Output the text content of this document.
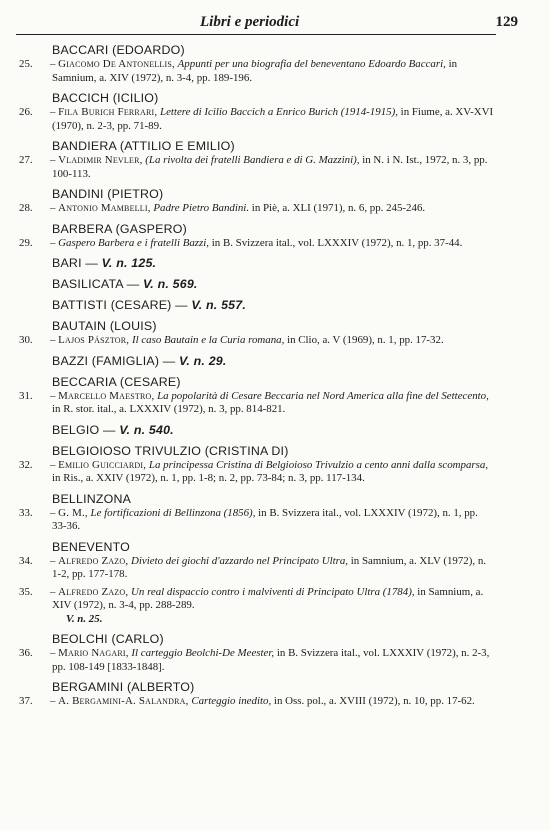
Libri e periodici	129
BACCARI (EDOARDO)
25. – Giacomo De Antonellis, Appunti per una biografia del beneventano Edoardo Baccari, in Samnium, a. XIV (1972), n. 3-4, pp. 189-196.
BACCICH (ICILIO)
26. – Fila Burich Ferrari, Lettere di Icilio Baccich a Enrico Burich (1914-1915), in Fiume, a. XV-XVI (1970), n. 2-3, pp. 71-89.
BANDIERA (ATTILIO E EMILIO)
27. – Vladimir Nevler, (La rivolta dei fratelli Bandiera e di G. Mazzini), in N. i N. Ist., 1972, n. 3, pp. 100-113.
BANDINI (PIETRO)
28. – Antonio Mambelli, Padre Pietro Bandini. in Piè, a. XLI (1971), n. 6, pp. 245-246.
BARBERA (GASPERO)
29. – Gaspero Barbera e i fratelli Bazzi, in B. Svizzera ital., vol. LXXXIV (1972), n. 1, pp. 37-44.
BARI — V. n. 125.
BASILICATA — V. n. 569.
BATTISTI (CESARE) — V. n. 557.
BAUTAIN (LOUIS)
30. – Lajos Pásztor, Il caso Bautain e la Curia romana, in Clio, a. V (1969), n. 1, pp. 17-32.
BAZZI (FAMIGLIA) — V. n. 29.
BECCARIA (CESARE)
31. – Marcello Maestro, La popolarità di Cesare Beccaria nel Nord America alla fine del Settecento, in R. stor. ital., a. LXXXIV (1972), n. 3, pp. 814-821.
BELGIO — V. n. 540.
BELGIOIOSO TRIVULZIO (CRISTINA DI)
32. – Emilio Guicciardi, La principessa Cristina di Belgioioso Trivulzio a cento anni dalla scomparsa, in Ris., a. XXIV (1972), n. 1, pp. 1-8; n. 2, pp. 73-84; n. 3, pp. 117-134.
BELLINZONA
33. – G. M., Le fortificazioni di Bellinzona (1856), in B. Svizzera ital., vol. LXXXIV (1972), n. 1, pp. 33-36.
BENEVENTO
34. – Alfredo Zazo, Divieto dei giochi d'azzardo nel Principato Ultra, in Samnium, a. XLV (1972), n. 1-2, pp. 177-178.
35. – Alfredo Zazo, Un real dispaccio contro i malviventi di Principato Ultra (1784), in Samnium, a. XIV (1972), n. 3-4, pp. 288-289.
V. n. 25.
BEOLCHI (CARLO)
36. – Mario Nagari, Il carteggio Beolchi-De Meester, in B. Svizzera ital., vol. LXXXIV (1972), n. 2-3, pp. 108-149 [1833-1848].
BERGAMINI (ALBERTO)
37. – A. Bergamini-A. Salandra, Carteggio inedito, in Oss. pol., a. XVIII (1972), n. 10, pp. 17-62.
